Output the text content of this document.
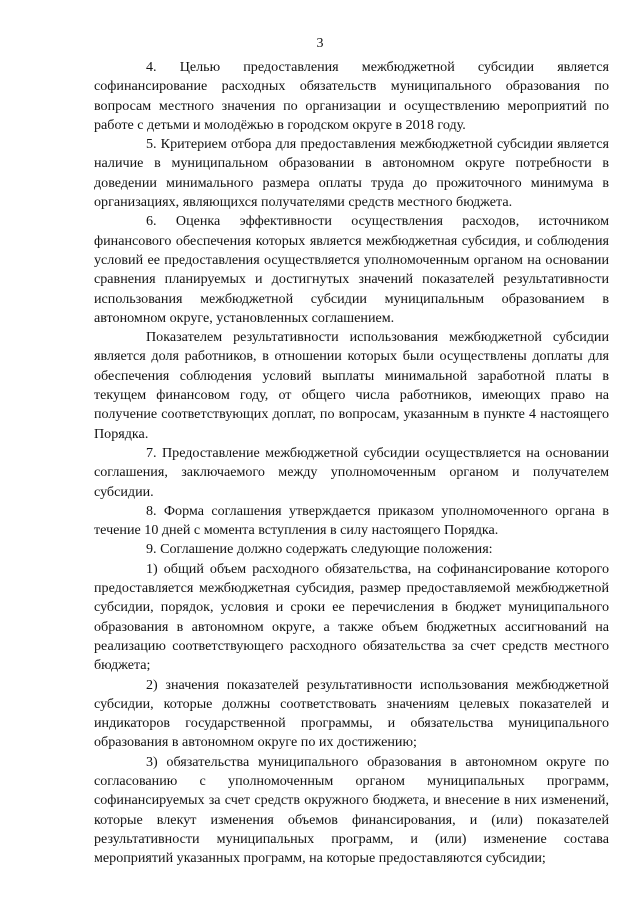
3

4. Целью предоставления межбюджетной субсидии является софинансирование расходных обязательств муниципального образования по вопросам местного значения по организации и осуществлению мероприятий по работе с детьми и молодёжью в городском округе в 2018 году.

5. Критерием отбора для предоставления межбюджетной субсидии является наличие в муниципальном образовании в автономном округе потребности в доведении минимального размера оплаты труда до прожиточного минимума в организациях, являющихся получателями средств местного бюджета.

6. Оценка эффективности осуществления расходов, источником финансового обеспечения которых является межбюджетная субсидия, и соблюдения условий ее предоставления осуществляется уполномоченным органом на основании сравнения планируемых и достигнутых значений показателей результативности использования межбюджетной субсидии муниципальным образованием в автономном округе, установленных соглашением.

Показателем результативности использования межбюджетной субсидии является доля работников, в отношении которых были осуществлены доплаты для обеспечения соблюдения условий выплаты минимальной заработной платы в текущем финансовом году, от общего числа работников, имеющих право на получение соответствующих доплат, по вопросам, указанным в пункте 4 настоящего Порядка.

7. Предоставление межбюджетной субсидии осуществляется на основании соглашения, заключаемого между уполномоченным органом и получателем субсидии.

8. Форма соглашения утверждается приказом уполномоченного органа в течение 10 дней с момента вступления в силу настоящего Порядка.

9. Соглашение должно содержать следующие положения:

1) общий объем расходного обязательства, на софинансирование которого предоставляется межбюджетная субсидия, размер предоставляемой межбюджетной субсидии, порядок, условия и сроки ее перечисления в бюджет муниципального образования в автономном округе, а также объем бюджетных ассигнований на реализацию соответствующего расходного обязательства за счет средств местного бюджета;

2) значения показателей результативности использования межбюджетной субсидии, которые должны соответствовать значениям целевых показателей и индикаторов государственной программы, и обязательства муниципального образования в автономном округе по их достижению;

3) обязательства муниципального образования в автономном округе по согласованию с уполномоченным органом муниципальных программ, софинансируемых за счет средств окружного бюджета, и внесение в них изменений, которые влекут изменения объемов финансирования, и (или) показателей результативности муниципальных программ, и (или) изменение состава мероприятий указанных программ, на которые предоставляются субсидии;
